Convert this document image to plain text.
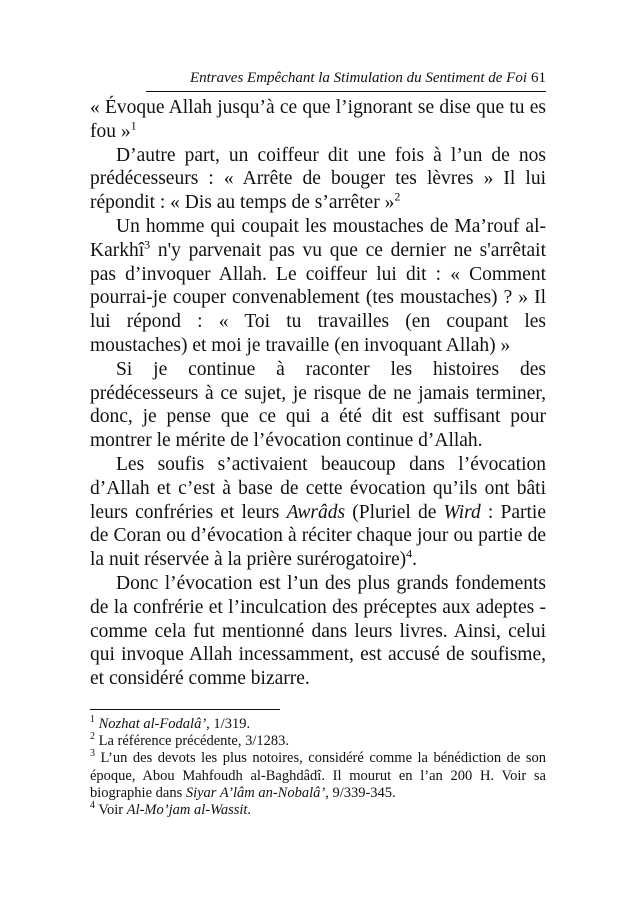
Entraves Empêchant la Stimulation du Sentiment de Foi 61

« Évoque Allah jusqu’à ce que l’ignorant se dise que tu es fou »$^1$

D’autre part, un coiffeur dit une fois à l’un de nos prédécesseurs : « Arrête de bouger tes lèvres » Il lui répondit : « Dis au temps de s’arrêter »$^2$

Un homme qui coupait les moustaches de Ma’rouf al-Karkhî$^3$ n'y parvenait pas vu que ce dernier ne s'arrêtait pas d’invoquer Allah. Le coiffeur lui dit : « Comment pourrai-je couper convenablement (tes moustaches) ? » Il lui répond : « Toi tu travailles (en coupant les moustaches) et moi je travaille (en invoquant Allah) »

Si je continue à raconter les histoires des prédécesseurs à ce sujet, je risque de ne jamais terminer, donc, je pense que ce qui a été dit est suffisant pour montrer le mérite de l’évocation continue d’Allah.

Les soufis s’activaient beaucoup dans l’évocation d’Allah et c’est à base de cette évocation qu’ils ont bâti leurs confréries et leurs Awrâds (Pluriel de Wird : Partie de Coran ou d’évocation à réciter chaque jour ou partie de la nuit réservée à la prière surérogatoire)$^4$.

Donc l’évocation est l’un des plus grands fondements de la confrérie et l’inculcation des préceptes aux adeptes - comme cela fut mentionné dans leurs livres. Ainsi, celui qui invoque Allah incessamment, est accusé de soufisme, et considéré comme bizarre.

$^1$ Nozhat al-Fodalâ’, 1/319.

$^2$ La référence précédente, 3/1283.

$^3$ L’un des devots les plus notoires, considéré comme la bénédiction de son époque, Abou Mahfoudh al-Baghdâdî. Il mourut en l’an 200 H. Voir sa biographie dans Siyar A’lâm an-Nobalâ’, 9/339-345.

$^4$ Voir Al-Mo’jam al-Wassit.
